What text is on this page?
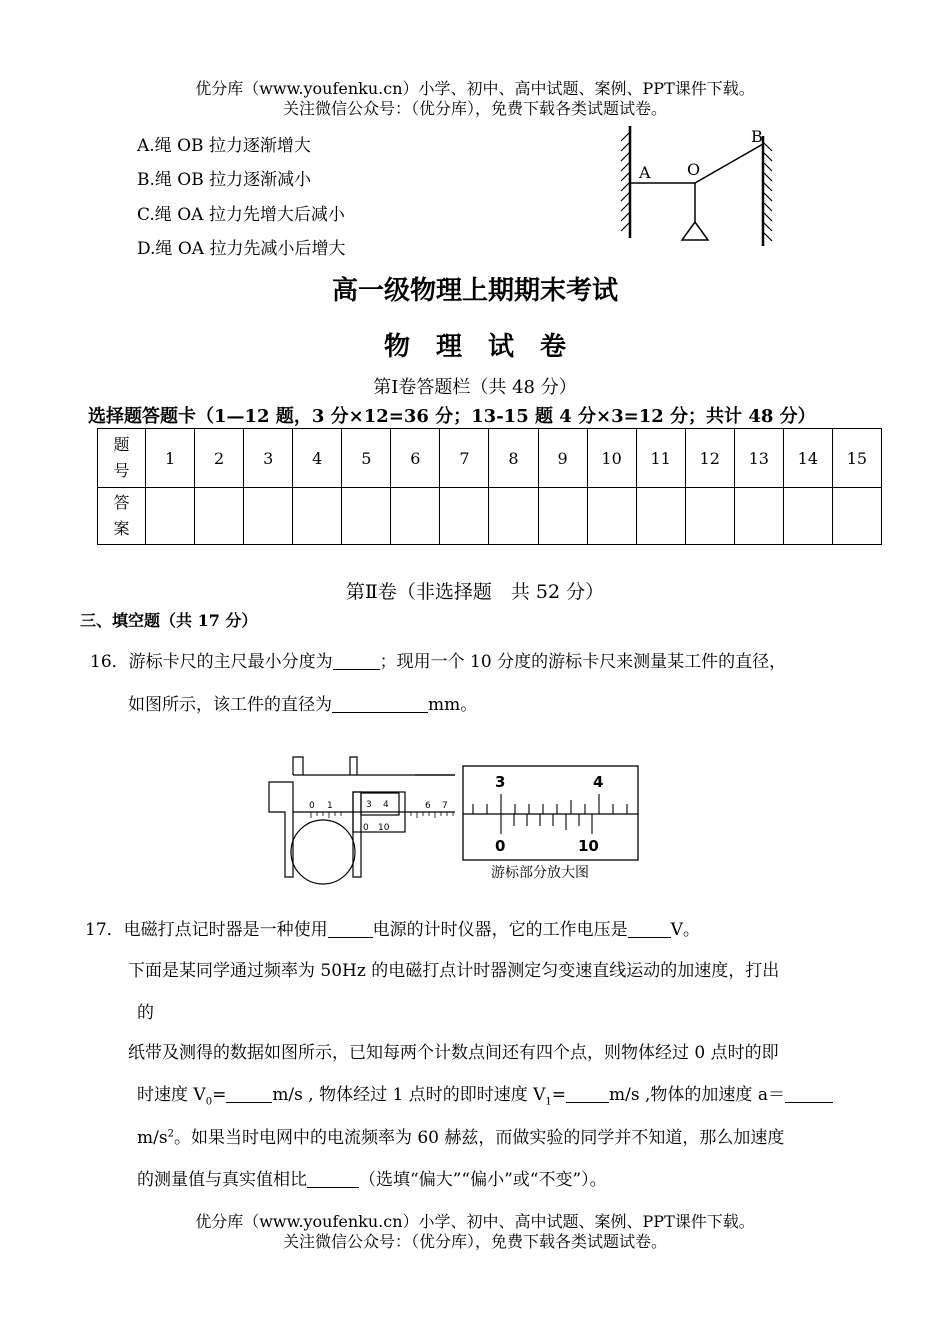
优分库（www.youfenku.cn）小学、初中、高中试题、案例、PPT课件下载。
关注微信公众号：（优分库），免费下载各类试题试卷。
A.绳 OB 拉力逐渐增大
B.绳 OB 拉力逐渐减小
C.绳 OA 拉力先增大后减小
D.绳 OA 拉力先减小后增大
A O
B
高一级物理上期期末考试
物　理　试　卷
第Ⅰ卷答题栏（共 48 分）
选择题答题卡（1—12 题，3 分×12=36 分；13-15 题 4 分×3=12 分；共计 48 分）
题
号	1	2	3	4	5	6	7	8	9	10	11	12	13	14	15

答
案															

第Ⅱ卷（非选择题　共 52 分）
三、填空题（共 17 分）
16．游标卡尺的主尺最小分度为	；现用一个 10 分度的游标卡尺来测量某工件的直径，
如图所示，该工件的直径为	mm。
0 1	3 4	6 7
0 10
3	4
0	10
游标部分放大图
17．电磁打点记时器是一种使用	电源的计时仪器，它的工作电压是	V。
下面是某同学通过频率为 50Hz 的电磁打点计时器测定匀变速直线运动的加速度，打出
的
纸带及测得的数据如图所示，已知每两个计数点间还有四个点，则物体经过 0 点时的即
时速度 $V_0=$	m/s , 物体经过 1 点时的即时速度 $V_1=$	m/s ,物体的加速度 a＝
$m/s^2$。如果当时电网中的电流频率为 60 赫兹，而做实验的同学并不知道，那么加速度
的测量值与真实值相比	（选填“偏大”“偏小”或“不变”）。
优分库（www.youfenku.cn）小学、初中、高中试题、案例、PPT课件下载。
关注微信公众号：（优分库），免费下载各类试题试卷。
